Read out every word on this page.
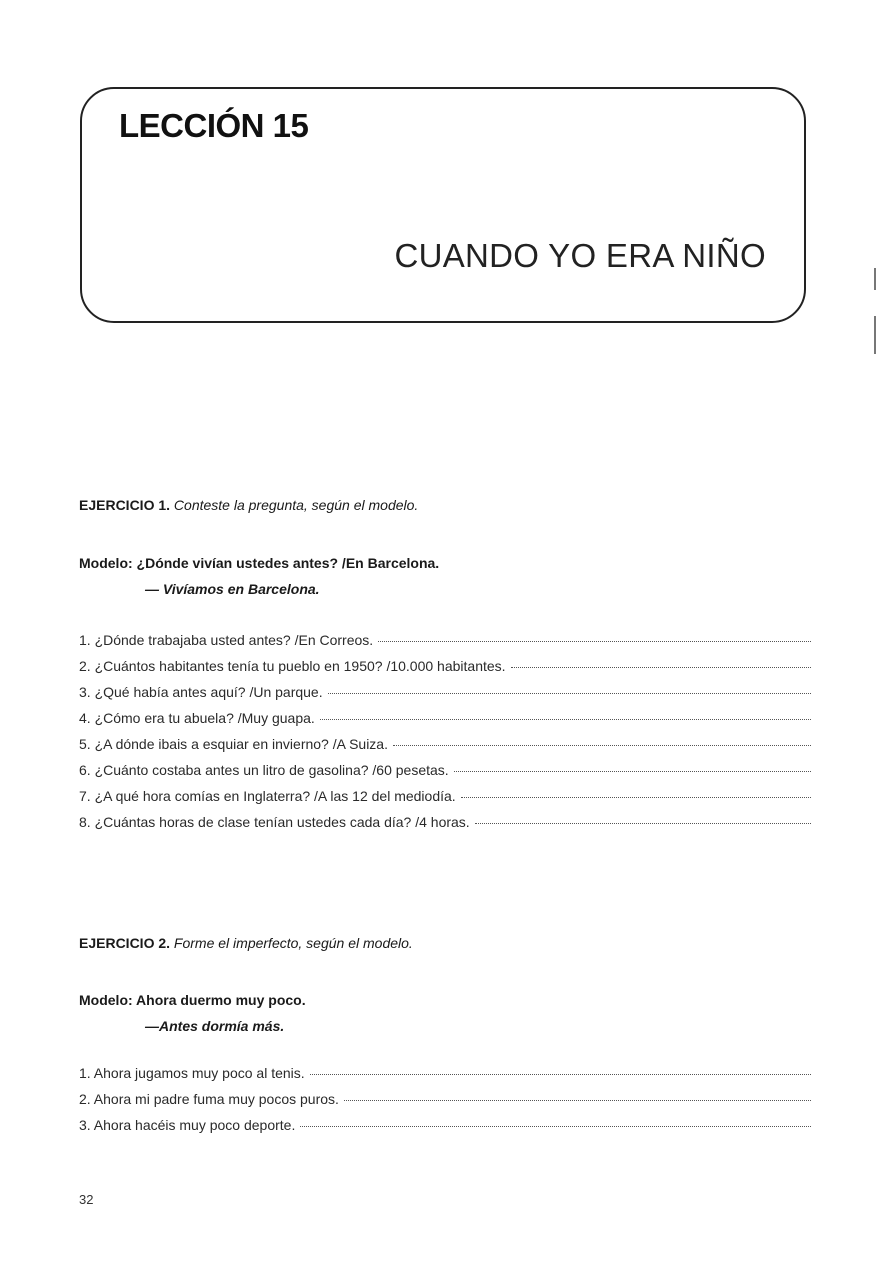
LECCIÓN 15
CUANDO YO ERA NIÑO

EJERCICIO 1. Conteste la pregunta, según el modelo.

Modelo: ¿Dónde vivían ustedes antes? /En Barcelona.
— Vivíamos en Barcelona.
1. ¿Dónde trabajaba usted antes? /En Correos.
2. ¿Cuántos habitantes tenía tu pueblo en 1950? /10.000 habitantes.
3. ¿Qué había antes aquí? /Un parque.
4. ¿Cómo era tu abuela? /Muy guapa.
5. ¿A dónde ibais a esquiar en invierno? /A Suiza.
6. ¿Cuánto costaba antes un litro de gasolina? /60 pesetas.
7. ¿A qué hora comías en Inglaterra? /A las 12 del mediodía.
8. ¿Cuántas horas de clase tenían ustedes cada día? /4 horas.

EJERCICIO 2. Forme el imperfecto, según el modelo.

Modelo: Ahora duermo muy poco.
—Antes dormía más.
1. Ahora jugamos muy poco al tenis.
2. Ahora mi padre fuma muy pocos puros.
3. Ahora hacéis muy poco deporte.
32
